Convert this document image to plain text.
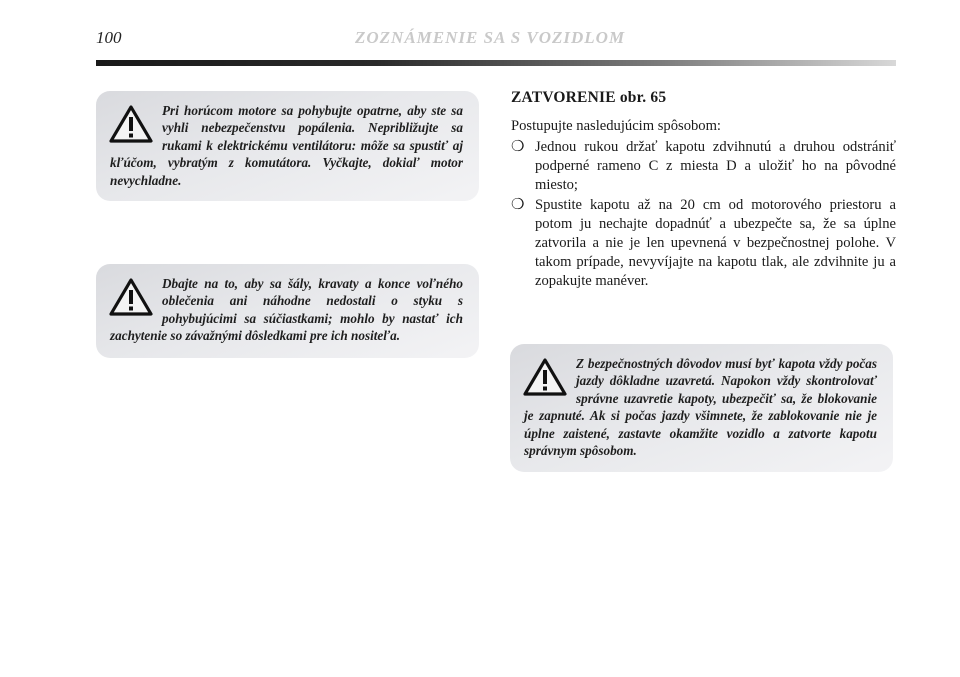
100	ZOZNÁMENIE SA S VOZIDLOM
Pri horúcom motore sa pohybujte opatrne, aby ste sa vyhli nebezpečenstvu popálenia. Nepribližujte sa rukami k elektrickému ventilátoru: môže sa spustiť aj kľúčom, vybratým z komutátora. Vyčkajte, dokiaľ motor nevychladne.
Dbajte na to, aby sa šály, kravaty a konce voľného oblečenia ani náhodne nedostali o styku s pohybujúcimi sa súčiastkami; mohlo by nastať ich zachytenie so závažnými dôsledkami pre ich nositeľa.
ZATVORENIE obr. 65

Postupujte nasledujúcim spôsobom:

❍ Jednou rukou držať kapotu zdvihnutú a druhou odstrániť podperné rameno C z miesta D a uložiť ho na pôvodné miesto;
❍ Spustite kapotu až na 20 cm od motorového priestoru a potom ju nechajte dopadnúť a ubezpečte sa, že sa úplne zatvorila a nie je len upevnená v bezpečnostnej polohe. V takom prípade, nevyvíjajte na kapotu tlak, ale zdvihnite ju a zopakujte manéver.
Z bezpečnostných dôvodov musí byť kapota vždy počas jazdy dôkladne uzavretá. Napokon vždy skontrolovať správne uzavretie kapoty, ubezpečiť sa, že blokovanie je zapnuté. Ak si počas jazdy všimnete, že zablokovanie nie je úplne zaistené, zastavte okamžite vozidlo a zatvorte kapotu správnym spôsobom.
